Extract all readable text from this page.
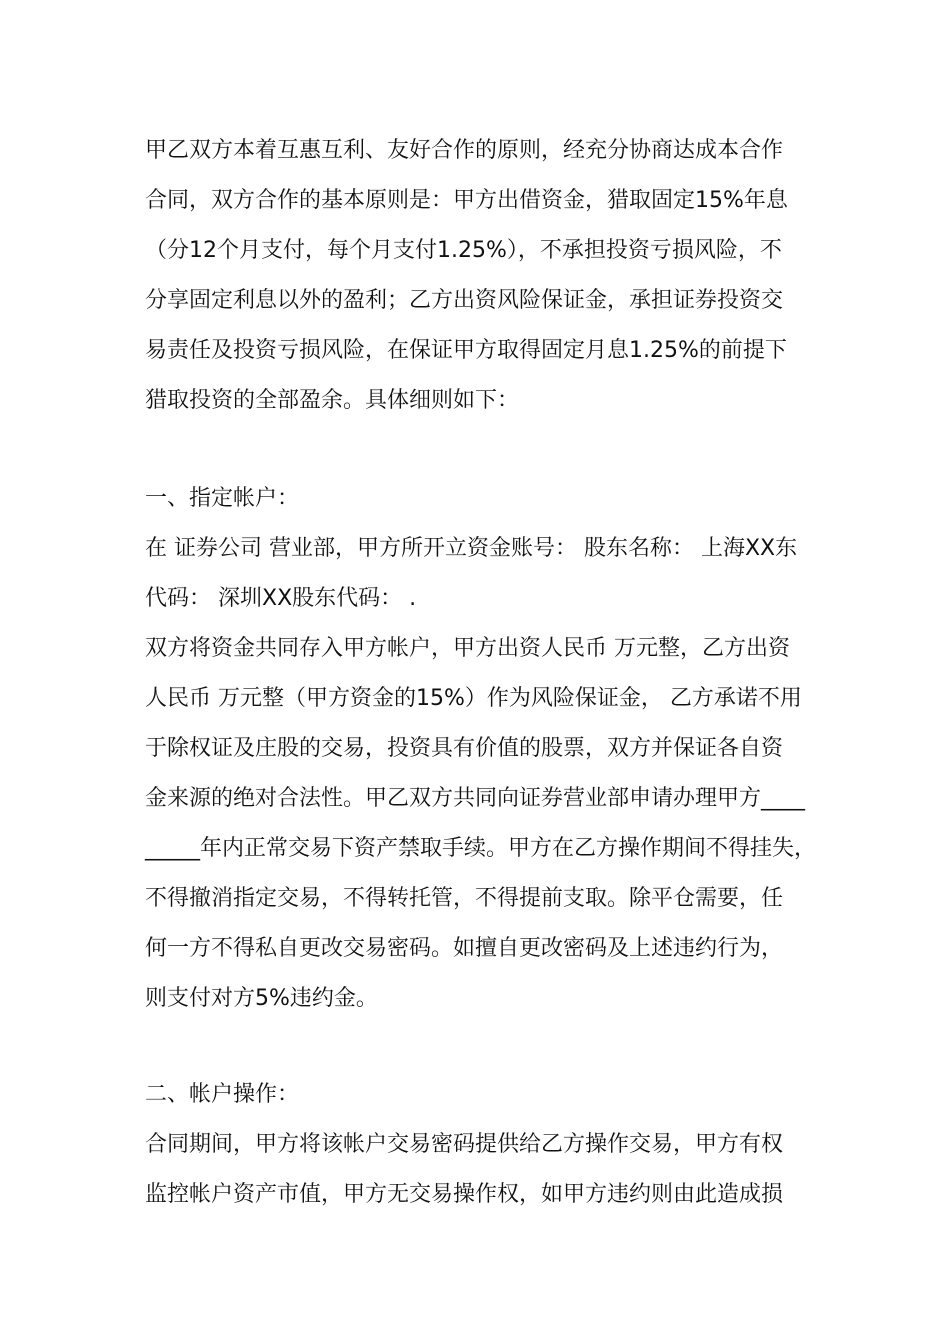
甲乙双方本着互惠互利、友好合作的原则，经充分协商达成本合作
合同，双方合作的基本原则是：甲方出借资金，猎取固定15%年息
（分12个月支付，每个月支付1.25%），不承担投资亏损风险，不
分享固定利息以外的盈利；乙方出资风险保证金，承担证券投资交
易责任及投资亏损风险，在保证甲方取得固定月息1.25%的前提下
猎取投资的全部盈余。具体细则如下：
一、指定帐户：
在 证券公司 营业部，甲方所开立资金账号： 股东名称： 上海XX东
代码： 深圳XX股东代码： .
双方将资金共同存入甲方帐户，甲方出资人民币 万元整，乙方出资
人民币 万元整（甲方资金的15%）作为风险保证金， 乙方承诺不用
于除权证及庄股的交易，投资具有价值的股票，双方并保证各自资
金来源的绝对合法性。甲乙双方共同向证券营业部申请办理甲方____
_____年内正常交易下资产禁取手续。甲方在乙方操作期间不得挂失，
不得撤消指定交易，不得转托管，不得提前支取。除平仓需要，任
何一方不得私自更改交易密码。如擅自更改密码及上述违约行为，
则支付对方5%违约金。
二、帐户操作：
合同期间，甲方将该帐户交易密码提供给乙方操作交易，甲方有权
监控帐户资产市值，甲方无交易操作权，如甲方违约则由此造成损
